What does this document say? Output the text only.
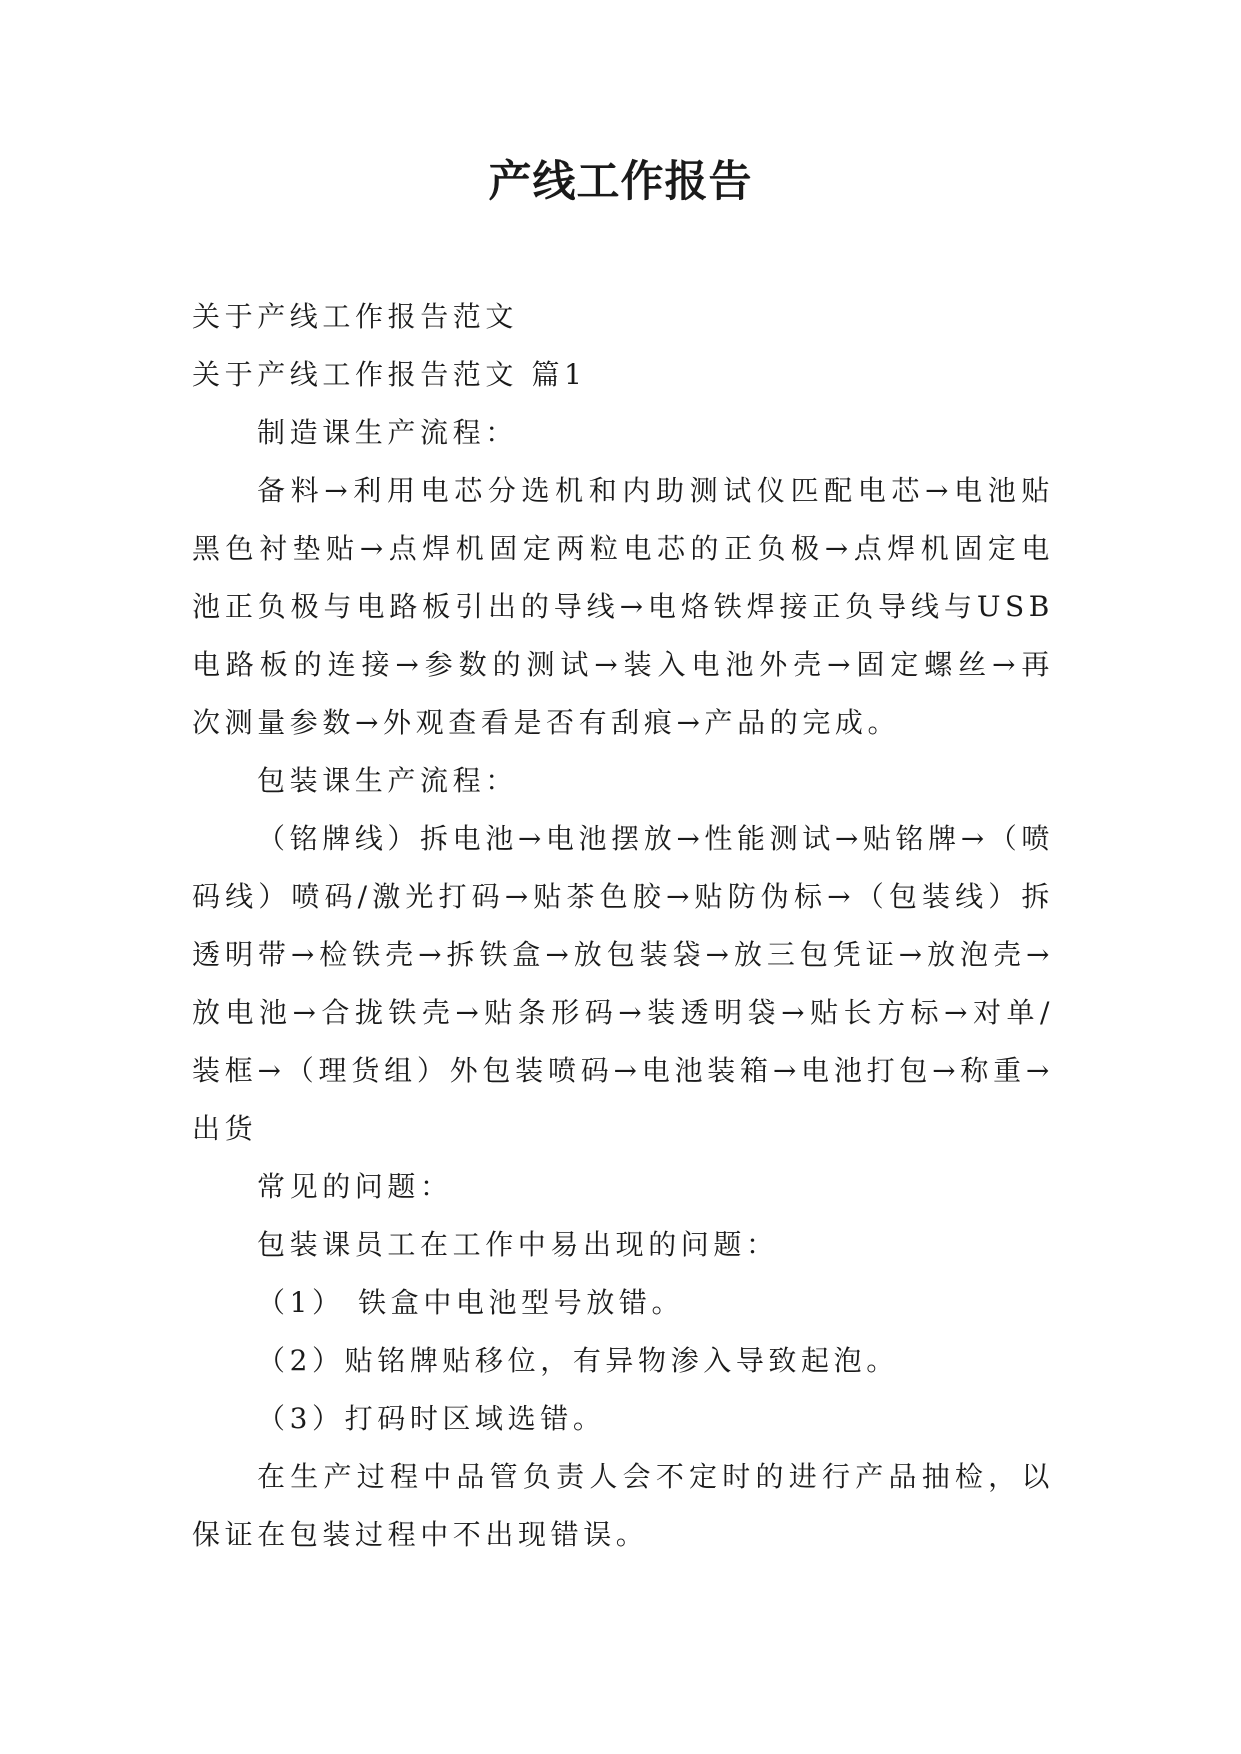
产线工作报告

关于产线工作报告范文

关于产线工作报告范文 篇1

制造课生产流程：

备料→利用电芯分选机和内助测试仪匹配电芯→电池贴黑色衬垫贴→点焊机固定两粒电芯的正负极→点焊机固定电池正负极与电路板引出的导线→电烙铁焊接正负导线与USB电路板的连接→参数的测试→装入电池外壳→固定螺丝→再次测量参数→外观查看是否有刮痕→产品的完成。

包装课生产流程：

（铭牌线）拆电池→电池摆放→性能测试→贴铭牌→（喷码线）喷码/激光打码→贴茶色胶→贴防伪标→（包装线）拆透明带→检铁壳→拆铁盒→放包装袋→放三包凭证→放泡壳→放电池→合拢铁壳→贴条形码→装透明袋→贴长方标→对单/装框→（理货组）外包装喷码→电池装箱→电池打包→称重→出货

常见的问题：

包装课员工在工作中易出现的问题：

（1） 铁盒中电池型号放错。

（2）贴铭牌贴移位，有异物渗入导致起泡。

（3）打码时区域选错。

在生产过程中品管负责人会不定时的进行产品抽检，以保证在包装过程中不出现错误。
